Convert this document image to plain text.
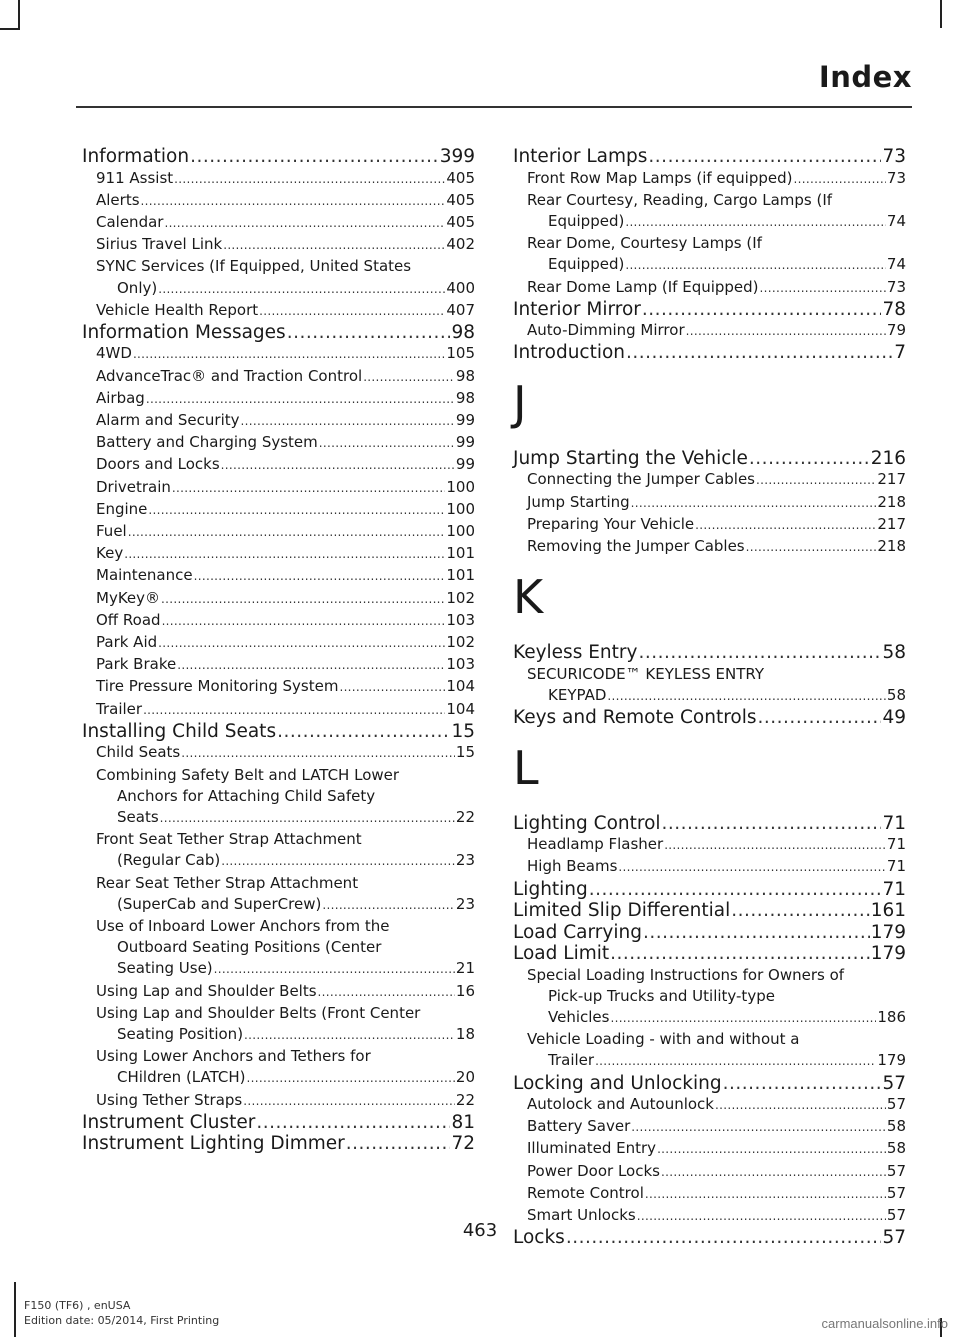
Index
Information .....	399
911 Assist .....	405
Alerts .....	405
Calendar .....	405
Sirius Travel Link .....	402
SYNC Services (If Equipped, United States
Only) .....	400
Vehicle Health Report .....	407
Information Messages .....	98
4WD .....	105
AdvanceTrac® and Traction Control .....	98
Airbag .....	98
Alarm and Security .....	99
Battery and Charging System .....	99
Doors and Locks .....	99
Drivetrain .....	100
Engine .....	100
Fuel .....	100
Key .....	101
Maintenance .....	101
MyKey® .....	102
Off Road .....	103
Park Aid .....	102
Park Brake .....	103
Tire Pressure Monitoring System .....	104
Trailer .....	104
Installing Child Seats .....	15
Child Seats .....	15
Combining Safety Belt and LATCH Lower
Anchors for Attaching Child Safety
Seats .....	22
Front Seat Tether Strap Attachment
(Regular Cab) .....	23
Rear Seat Tether Strap Attachment
(SuperCab and SuperCrew) .....	23
Use of Inboard Lower Anchors from the
Outboard Seating Positions (Center
Seating Use) .....	21
Using Lap and Shoulder Belts .....	16
Using Lap and Shoulder Belts (Front Center
Seating Position) .....	18
Using Lower Anchors and Tethers for
CHildren (LATCH) .....	20
Using Tether Straps .....	22
Instrument Cluster .....	81
Instrument Lighting Dimmer .....	72
Interior Lamps .....	73
Front Row Map Lamps (if equipped) .....	73
Rear Courtesy, Reading, Cargo Lamps (If
Equipped) .....	74
Rear Dome, Courtesy Lamps (If
Equipped) .....	74
Rear Dome Lamp (If Equipped) .....	73
Interior Mirror .....	78
Auto-Dimming Mirror .....	79
Introduction .....	7
J
Jump Starting the Vehicle .....	216
Connecting the Jumper Cables .....	217
Jump Starting .....	218
Preparing Your Vehicle .....	217
Removing the Jumper Cables .....	218
K
Keyless Entry .....	58
SECURICODE™ KEYLESS ENTRY
KEYPAD .....	58
Keys and Remote Controls .....	49
L
Lighting Control .....	71
Headlamp Flasher .....	71
High Beams .....	71
Lighting .....	71
Limited Slip Differential .....	161
Load Carrying .....	179
Load Limit .....	179
Special Loading Instructions for Owners of
Pick-up Trucks and Utility-type
Vehicles .....	186
Vehicle Loading - with and without a
Trailer .....	179
Locking and Unlocking .....	57
Autolock and Autounlock .....	57
Battery Saver .....	58
Illuminated Entry .....	58
Power Door Locks .....	57
Remote Control .....	57
Smart Unlocks .....	57
Locks .....	57
463
F150 (TF6) , enUSA
Edition date: 05/2014, First Printing	carmanualsonline.info
